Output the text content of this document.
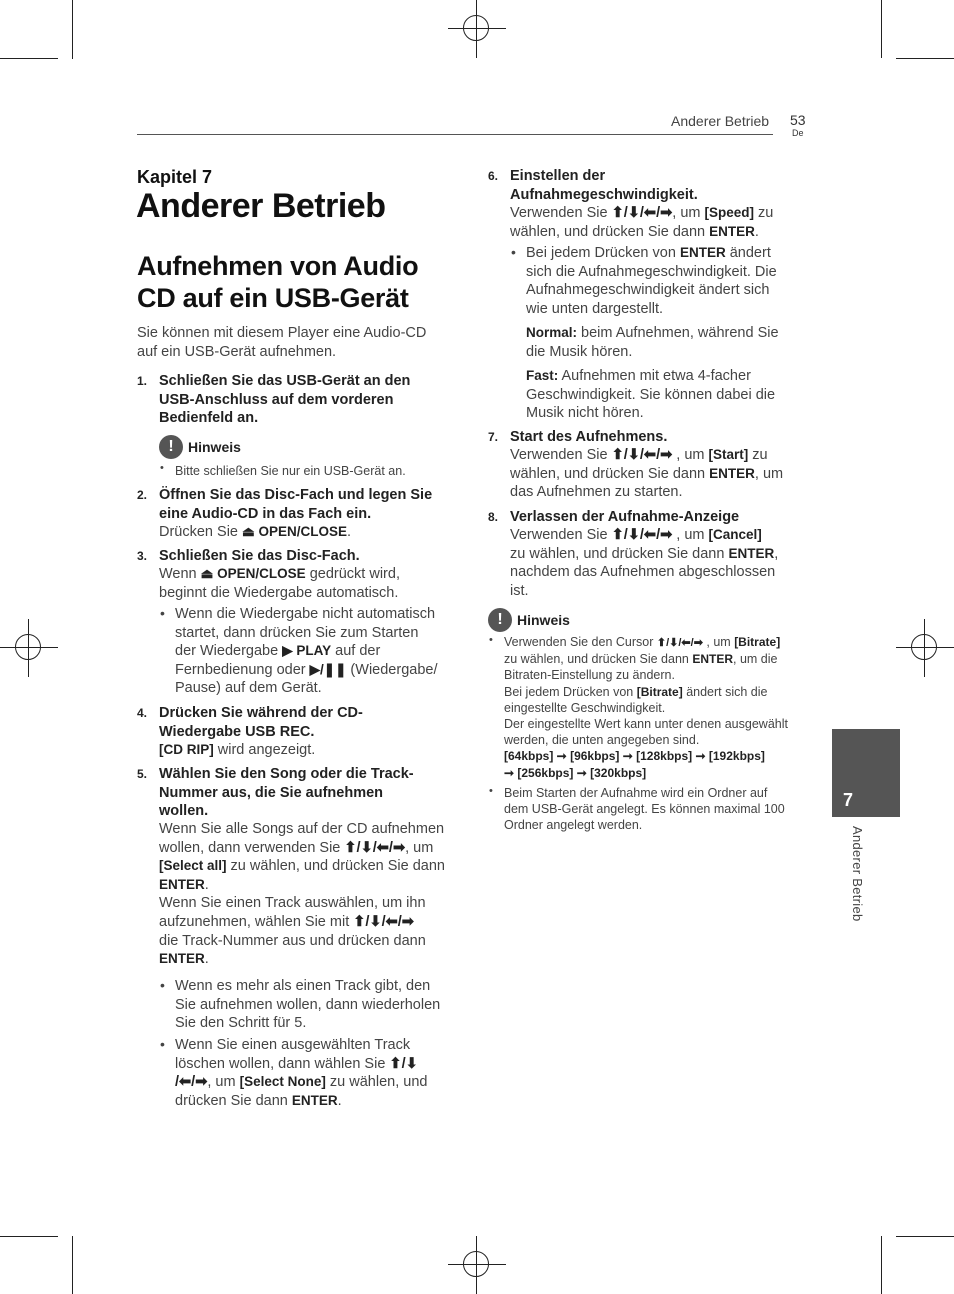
Anderer Betrieb 53
De
Kapitel 7
Anderer Betrieb
Aufnehmen von Audio
CD auf ein USB-Gerät
Sie können mit diesem Player eine Audio-CD
auf ein USB-Gerät aufnehmen.
1. Schließen Sie das USB-Gerät an den
USB-Anschluss auf dem vorderen
Bedienfeld an.
!	Hinweis
• Bitte schließen Sie nur ein USB-Gerät an.
2. Öffnen Sie das Disc-Fach und legen Sie
eine Audio-CD in das Fach ein.
Drücken Sie ⏏ OPEN/CLOSE.
3. Schließen Sie das Disc-Fach.
Wenn ⏏ OPEN/CLOSE gedrückt wird,
beginnt die Wiedergabe automatisch.
• Wenn die Wiedergabe nicht automatisch
startet, dann drücken Sie zum Starten
der Wiedergabe ▶ PLAY auf der
Fernbedienung oder ▶/❚❚ (Wiedergabe/
Pause) auf dem Gerät.
4. Drücken Sie während der CD-
Wiedergabe USB REC.
[CD RIP] wird angezeigt.
5. Wählen Sie den Song oder die Track-
Nummer aus, die Sie aufnehmen
wollen.
Wenn Sie alle Songs auf der CD aufnehmen
wollen, dann verwenden Sie ⬆/⬇/⬅/➡, um
[Select all] zu wählen, und drücken Sie dann
ENTER.
Wenn Sie einen Track auswählen, um ihn
aufzunehmen, wählen Sie mit ⬆/⬇/⬅/➡
die Track-Nummer aus und drücken dann
ENTER.
• Wenn es mehr als einen Track gibt, den
Sie aufnehmen wollen, dann wiederholen
Sie den Schritt für 5.
• Wenn Sie einen ausgewählten Track
löschen wollen, dann wählen Sie ⬆/⬇
/⬅/➡, um [Select None] zu wählen, und
drücken Sie dann ENTER.
6. Einstellen der
Aufnahmegeschwindigkeit.
Verwenden Sie ⬆/⬇/⬅/➡, um [Speed] zu
wählen, und drücken Sie dann ENTER.
• Bei jedem Drücken von ENTER ändert
sich die Aufnahmegeschwindigkeit. Die
Aufnahmegeschwindigkeit ändert sich
wie unten dargestellt.
Normal: beim Aufnehmen, während Sie
die Musik hören.
Fast: Aufnehmen mit etwa 4-facher
Geschwindigkeit. Sie können dabei die
Musik nicht hören.
7. Start des Aufnehmens.
Verwenden Sie ⬆/⬇/⬅/➡ , um [Start] zu
wählen, und drücken Sie dann ENTER, um
das Aufnehmen zu starten.
8. Verlassen der Aufnahme-Anzeige
Verwenden Sie ⬆/⬇/⬅/➡ , um [Cancel]
zu wählen, und drücken Sie dann ENTER,
nachdem das Aufnehmen abgeschlossen
ist.
!	Hinweis
• Verwenden Sie den Cursor ⬆/⬇/⬅/➡ , um [Bitrate]
zu wählen, und drücken Sie dann ENTER, um die
Bitraten-Einstellung zu ändern.
Bei jedem Drücken von [Bitrate] ändert sich die
eingestellte Geschwindigkeit.
Der eingestellte Wert kann unter denen ausgewählt
werden, die unten angegeben sind.
[64kbps] ➞ [96kbps] ➞ [128kbps] ➞ [192kbps]
➞ [256kbps] ➞ [320kbps]
• Beim Starten der Aufnahme wird ein Ordner auf
dem USB-Gerät angelegt. Es können maximal 100
Ordner angelegt werden.
7
Anderer Betrieb
